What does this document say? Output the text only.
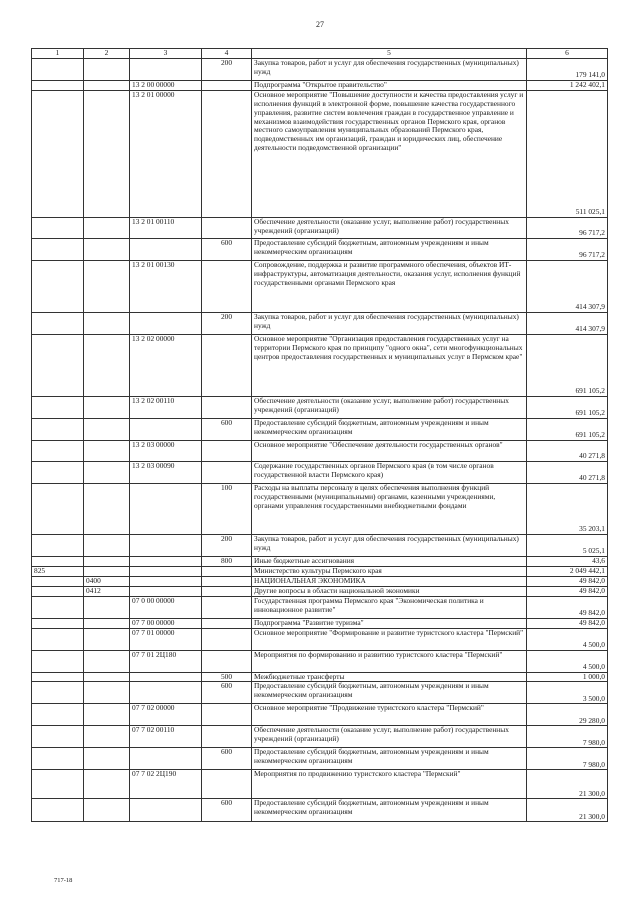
27
1	2	3	4	5	6
			200	Закупка товаров, работ и услуг для обеспечения государственных (муниципальных) нужд	179 141,0
		13 2 00 00000		Подпрограмма "Открытое правительство"	1 242 402,1
		13 2 01 00000		Основное мероприятие "Повышение доступности и качества предоставления услуг и исполнения функций в электронной форме, повышение качества государственного управления, развитие систем вовлечения граждан в государственное управление и механизмов взаимодействия государственных органов Пермского края, органов местного самоуправления муниципальных образований Пермского края, подведомственных им организаций, граждан и юридических лиц, обеспечение деятельности подведомственной организации"	511 025,1
		13 2 01 00110		Обеспечение деятельности (оказание услуг, выполнение работ) государственных учреждений (организаций)	96 717,2
			600	Предоставление субсидий бюджетным, автономным учреждениям и иным некоммерческим организациям	96 717,2
		13 2 01 00130		Сопровождение, поддержка и развитие программного обеспечения, объектов ИТ-инфраструктуры, автоматизация деятельности, оказания услуг, исполнения функций государственными органами Пермского края	414 307,9
			200	Закупка товаров, работ и услуг для обеспечения государственных (муниципальных) нужд	414 307,9
		13 2 02 00000		Основное мероприятие "Организация предоставления государственных услуг на территории Пермского края по принципу "одного окна", сети многофункциональных центров предоставления государственных и муниципальных услуг в Пермском крае"	691 105,2
		13 2 02 00110		Обеспечение деятельности (оказание услуг, выполнение работ) государственных учреждений (организаций)	691 105,2
			600	Предоставление субсидий бюджетным, автономным учреждениям и иным некоммерческим организациям	691 105,2
		13 2 03 00000		Основное мероприятие "Обеспечение деятельности государственных органов"	40 271,8
		13 2 03 00090		Содержание государственных органов Пермского края (в том числе органов государственной власти Пермского края)	40 271,8
			100	Расходы на выплаты персоналу в целях обеспечения выполнения функций государственными (муниципальными) органами, казенными учреждениями, органами управления государственными внебюджетными фондами	35 203,1
			200	Закупка товаров, работ и услуг для обеспечения государственных (муниципальных) нужд	5 025,1
			800	Иные бюджетные ассигнования	43,6
825				Министерство культуры Пермского края	2 049 442,1
	0400			НАЦИОНАЛЬНАЯ ЭКОНОМИКА	49 842,0
	0412			Другие вопросы в области национальной экономики	49 842,0
		07 0 00 00000		Государственная программа Пермского края "Экономическая политика и инновационное развитие"	49 842,0
		07 7 00 00000		Подпрограмма "Развитие туризма"	49 842,0
		07 7 01 00000		Основное мероприятие "Формирование и развитие туристского кластера "Пермский"	4 500,0
		07 7 01 2Ц180		Мероприятия по формированию и развитию туристского кластера "Пермский"	4 500,0
			500	Межбюджетные трансферты	1 000,0
			600	Предоставление субсидий бюджетным, автономным учреждениям и иным некоммерческим организациям	3 500,0
		07 7 02 00000		Основное мероприятие "Продвижение туристского кластера "Пермский"	29 280,0
		07 7 02 00110		Обеспечение деятельности (оказание услуг, выполнение работ) государственных учреждений (организаций)	7 980,0
			600	Предоставление субсидий бюджетным, автономным учреждениям и иным некоммерческим организациям	7 980,0
		07 7 02 2Ц190		Мероприятия по продвижению туристского кластера "Пермский"	21 300,0
			600	Предоставление субсидий бюджетным, автономным учреждениям и иным некоммерческим организациям	21 300,0
717-18
